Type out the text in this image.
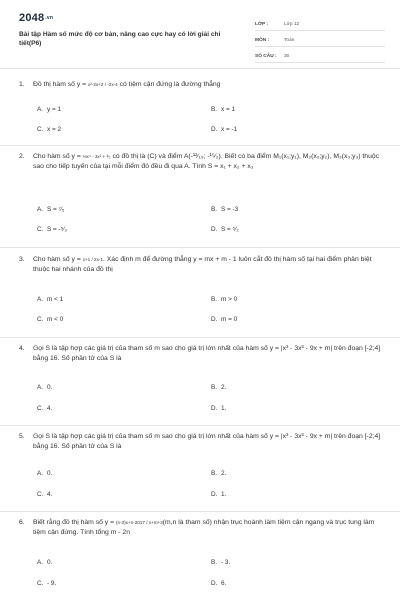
2048.vn
Bài tập Hàm số mức độ cơ bản, nâng cao cực hay có lời giải chi tiết(P6)
LỚP :	Lớp 12
MÔN :	Toán
SỐ CÂU :	30
1.	Đồ thị hàm số y = x²-2x+2 / -2x-4 có tiệm cận đứng là đường thẳng
A. y = 1	B. x = 1
C. x = 2	D. x = -1
2.	Cho hàm số y = ⅓x⁴ - 3x² + ³⁄₂ có đồ thị là (C) và điểm A(-¹²⁄₁₉; -¹⁵⁄₂). Biết có ba điểm M₁(x₁;y₁), M₂(x₂;y₂), M₃(x₃;y₃) thuộc sao cho tiếp tuyến của tại mỗi điểm đó đều đi qua A. Tính S = x₁ + x₂ + x₃
A. S = ⁷⁄₅	B. S = -3
C. S = -⁵⁄₃	D. S = ⁵⁄₂
3.	Cho hàm số y = x+1 / 2x-1. Xác định m để đường thẳng y = mx + m - 1 luôn cắt đồ thị hàm số tại hai điểm phân biệt thuộc hai nhánh của đồ thị
A. m < 1	B. m > 0
C. m < 0	D. m = 0
4.	Gọi S là tập hợp các giá trị của tham số m sao cho giá trị lớn nhất của hàm số y = |x³ - 3x² - 9x + m| trên đoạn [-2;4] bằng 16. Số phần tử của S là
A. 0.	B. 2.
C. 4.	D. 1.
5.	Gọi S là tập hợp các giá trị của tham số m sao cho giá trị lớn nhất của hàm số y = |x³ - 3x² - 9x + m| trên đoạn [-2;4] bằng 16. Số phần tử của S là
A. 0.	B. 2.
C. 4.	D. 1.
6.	Biết rằng đồ thị hàm số y = (n-3)x+n-2017 / x+m+3(m,n là tham số) nhận trục hoành làm tiệm cận ngang và trục tung làm tiệm cận đứng. Tính tổng m - 2n
A. 0.	B. - 3.
C. - 9.	D. 6.
